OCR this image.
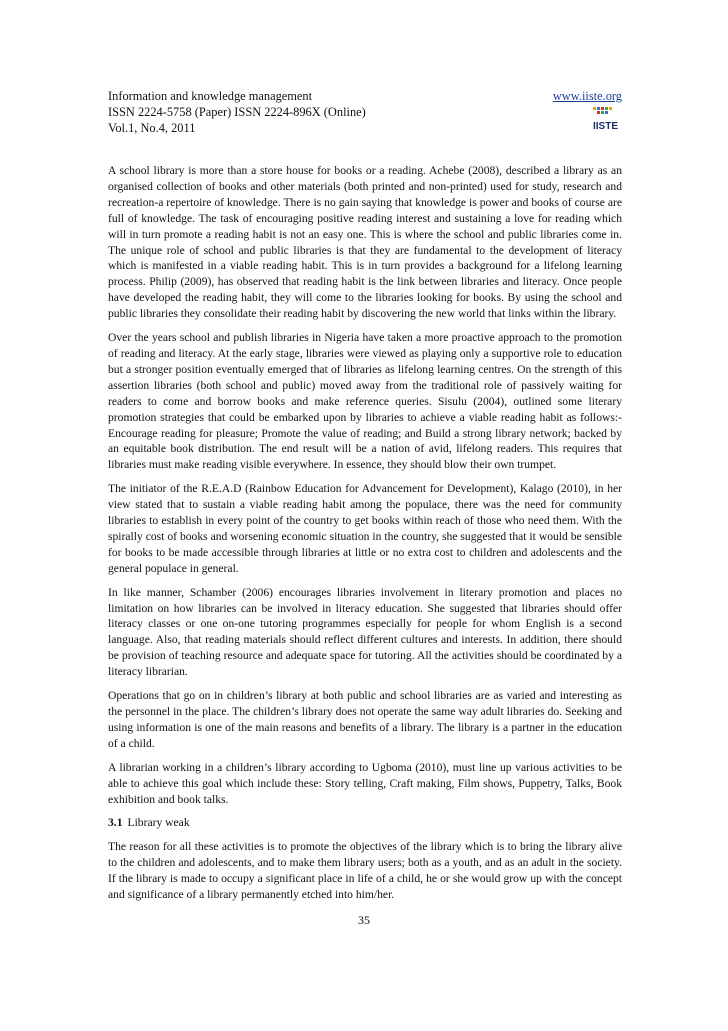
Information and knowledge management
ISSN 2224-5758 (Paper) ISSN 2224-896X (Online)
Vol.1, No.4, 2011
www.iiste.org
IISTE

A school library is more than a store house for books or a reading. Achebe (2008), described a library as an organised collection of books and other materials (both printed and non-printed) used for study, research and recreation-a repertoire of knowledge. There is no gain saying that knowledge is power and books of course are full of knowledge. The task of encouraging positive reading interest and sustaining a love for reading which will in turn promote a reading habit is not an easy one. This is where the school and public libraries come in. The unique role of school and public libraries is that they are fundamental to the development of literacy which is manifested in a viable reading habit. This is in turn provides a background for a lifelong learning process. Philip (2009), has observed that reading habit is the link between libraries and literacy. Once people have developed the reading habit, they will come to the libraries looking for books. By using the school and public libraries they consolidate their reading habit by discovering the new world that links within the library.

Over the years school and publish libraries in Nigeria have taken a more proactive approach to the promotion of reading and literacy. At the early stage, libraries were viewed as playing only a supportive role to education but a stronger position eventually emerged that of libraries as lifelong learning centres. On the strength of this assertion libraries (both school and public) moved away from the traditional role of passively waiting for readers to come and borrow books and make reference queries. Sisulu (2004), outlined some literary promotion strategies that could be embarked upon by libraries to achieve a viable reading habit as follows:- Encourage reading for pleasure; Promote the value of reading; and Build a strong library network; backed by an equitable book distribution. The end result will be a nation of avid, lifelong readers. This requires that libraries must make reading visible everywhere. In essence, they should blow their own trumpet.

The initiator of the R.E.A.D (Rainbow Education for Advancement for Development), Kalago (2010), in her view stated that to sustain a viable reading habit among the populace, there was the need for community libraries to establish in every point of the country to get books within reach of those who need them. With the spirally cost of books and worsening economic situation in the country, she suggested that it would be sensible for books to be made accessible through libraries at little or no extra cost to children and adolescents and the general populace in general.

In like manner, Schamber (2006) encourages libraries involvement in literary promotion and places no limitation on how libraries can be involved in literacy education. She suggested that libraries should offer literacy classes or one on-one tutoring programmes especially for people for whom English is a second language. Also, that reading materials should reflect different cultures and interests. In addition, there should be provision of teaching resource and adequate space for tutoring. All the activities should be coordinated by a literacy librarian.

Operations that go on in children’s library at both public and school libraries are as varied and interesting as the personnel in the place. The children’s library does not operate the same way adult libraries do. Seeking and using information is one of the main reasons and benefits of a library. The library is a partner in the education of a child.

A librarian working in a children’s library according to Ugboma (2010), must line up various activities to be able to achieve this goal which include these: Story telling, Craft making, Film shows, Puppetry, Talks, Book exhibition and book talks.

3.1 Library weak

The reason for all these activities is to promote the objectives of the library which is to bring the library alive to the children and adolescents, and to make them library users; both as a youth, and as an adult in the society. If the library is made to occupy a significant place in life of a child, he or she would grow up with the concept and significance of a library permanently etched into him/her.

35
